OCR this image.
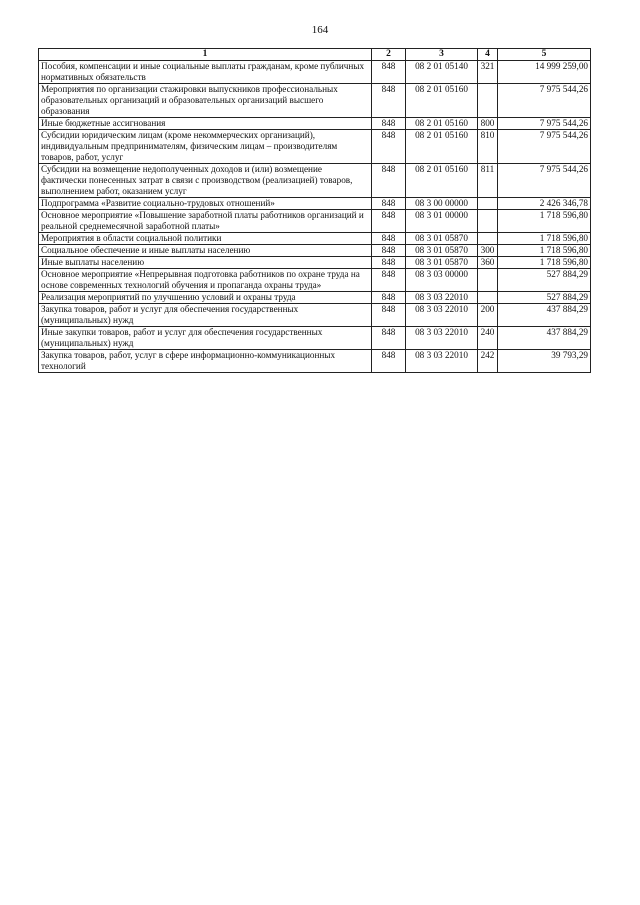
164
1	2	3	4	5
Пособия, компенсации и иные социальные выплаты гражданам, кроме публичных нормативных обязательств	848	08 2 01 05140	321	14 999 259,00
Мероприятия по организации стажировки выпускников профессиональных образовательных организаций и образовательных организаций высшего образования	848	08 2 01 05160		7 975 544,26
Иные бюджетные ассигнования	848	08 2 01 05160	800	7 975 544,26
Субсидии юридическим лицам (кроме некоммерческих организаций), индивидуальным предпринимателям, физическим лицам – производителям товаров, работ, услуг	848	08 2 01 05160	810	7 975 544,26
Субсидии на возмещение недополученных доходов и (или) возмещение фактически понесенных затрат в связи с производством (реализацией) товаров, выполнением работ, оказанием услуг	848	08 2 01 05160	811	7 975 544,26
Подпрограмма «Развитие социально-трудовых отношений»	848	08 3 00 00000		2 426 346,78
Основное мероприятие «Повышение заработной платы работников организаций и реальной среднемесячной заработной платы»	848	08 3 01 00000		1 718 596,80
Мероприятия в области социальной политики	848	08 3 01 05870		1 718 596,80
Социальное обеспечение и иные выплаты населению	848	08 3 01 05870	300	1 718 596,80
Иные выплаты населению	848	08 3 01 05870	360	1 718 596,80
Основное мероприятие «Непрерывная подготовка работников по охране труда на основе современных технологий обучения и пропаганда охраны труда»	848	08 3 03 00000		527 884,29
Реализация мероприятий по улучшению условий и охраны труда	848	08 3 03 22010		527 884,29
Закупка товаров, работ и услуг для обеспечения государственных (муниципальных) нужд	848	08 3 03 22010	200	437 884,29
Иные закупки товаров, работ и услуг для обеспечения государственных (муниципальных) нужд	848	08 3 03 22010	240	437 884,29
Закупка товаров, работ, услуг в сфере информационно-коммуникационных технологий	848	08 3 03 22010	242	39 793,29
